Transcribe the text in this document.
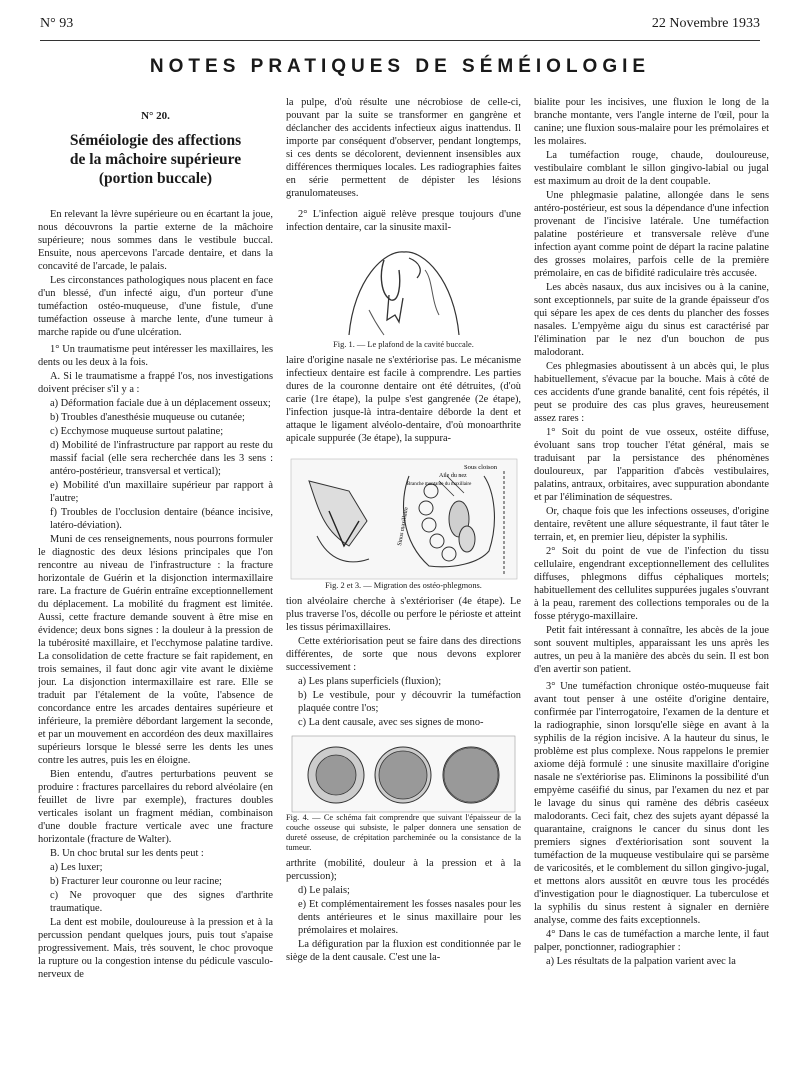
N° 93	22 Novembre 1933
NOTES PRATIQUES DE SÉMÉIOLOGIE
N° 20.
Séméiologie des affections
de la mâchoire supérieure
(portion buccale)

En relevant la lèvre supérieure ou en écartant la joue, nous découvrons la partie externe de la mâchoire supérieure; nous sommes dans le vestibule buccal. Ensuite, nous apercevons l'arcade dentaire, et dans la concavité de l'arcade, le palais.

Les circonstances pathologiques nous placent en face d'un blessé, d'un infecté aigu, d'un porteur d'une tuméfaction ostéo-muqueuse, d'une fistule, d'une tuméfaction osseuse à marche lente, d'une tumeur à marche rapide ou d'une ulcération.

1° Un traumatisme peut intéresser les maxillaires, les dents ou les deux à la fois.

A. Si le traumatisme a frappé l'os, nos investigations doivent préciser s'il y a :

a) Déformation faciale due à un déplacement osseux;

b) Troubles d'anesthésie muqueuse ou cutanée;

c) Ecchymose muqueuse surtout palatine;

d) Mobilité de l'infrastructure par rapport au reste du massif facial (elle sera recherchée dans les 3 sens : antéro-postérieur, transversal et vertical);

e) Mobilité d'un maxillaire supérieur par rapport à l'autre;

f) Troubles de l'occlusion dentaire (béance incisive, latéro-déviation).

Muni de ces renseignements, nous pourrons formuler le diagnostic des deux lésions principales que l'on rencontre au niveau de l'infrastructure : la fracture horizontale de Guérin et la disjonction intermaxillaire rare. La fracture de Guérin entraîne exceptionnellement du déplacement. La mobilité du fragment est limitée. Aussi, cette fracture demande souvent à être mise en évidence; deux bons signes : la douleur à la pression de la tubérosité maxillaire, et l'ecchymose palatine tardive. La consolidation de cette fracture se fait rapidement, en trois semaines, il faut donc agir vite avant le dixième jour. La disjonction intermaxillaire est rare. Elle se traduit par l'étalement de la voûte, l'absence de concordance entre les arcades dentaires supérieure et inférieure, la première débordant largement la seconde, et par un mouvement en accordéon des deux maxillaires supérieurs lorsque le blessé serre les dents les unes contre les autres, puis les en éloigne.

Bien entendu, d'autres perturbations peuvent se produire : fractures parcellaires du rebord alvéolaire (en feuillet de livre par exemple), fractures doubles verticales isolant un fragment médian, combinaison d'une double fracture verticale avec une fracture horizontale (fracture de Walter).

B. Un choc brutal sur les dents peut :

a) Les luxer;

b) Fracturer leur couronne ou leur racine;

c) Ne provoquer que des signes d'arthrite traumatique.

La dent est mobile, douloureuse à la pression et à la percussion pendant quelques jours, puis tout s'apaise progressivement. Mais, très souvent, le choc provoque la rupture ou la congestion intense du pédicule vasculo-nerveux de

la pulpe, d'où résulte une nécrobiose de celle-ci, pouvant par la suite se transformer en gangrène et déclancher des accidents infectieux aigus inattendus. Il importe par conséquent d'observer, pendant longtemps, si ces dents se décolorent, deviennent insensibles aux différences thermiques locales. Les radiographies faites en série permettent de dépister les lésions granulomateuses.

2° L'infection aiguë relève presque toujours d'une infection dentaire, car la sinusite maxil-

Fig. 1. — Le plafond de la cavité buccale.

laire d'origine nasale ne s'extériorise pas. Le mécanisme infectieux dentaire est facile à comprendre. Les parties dures de la couronne dentaire ont été détruites, (d'où carie (1re étape), la pulpe s'est gangrenée (2e étape), l'infection jusque-là intra-dentaire déborde la dent et attaque le ligament alvéolo-dentaire, d'où monoarthrite apicale suppurée (3e étape), la suppura-

Sous cloison
Aile du nez
Branche montante du maxillaire
Sinus maxillaire

Fig. 2 et 3. — Migration des ostéo-phlegmons.

tion alvéolaire cherche à s'extérioriser (4e étape). Le plus traverse l'os, décolle ou perfore le périoste et atteint les tissus périmaxillaires.

Cette extériorisation peut se faire dans des directions différentes, de sorte que nous devons explorer successivement :

a) Les plans superficiels (fluxion);

b) Le vestibule, pour y découvrir la tuméfaction plaquée contre l'os;

c) La dent causale, avec ses signes de mono-

Fig. 4. — Ce schéma fait comprendre que suivant l'épaisseur de la couche osseuse qui subsiste, le palper donnera une sensation de dureté osseuse, de crépitation parcheminée ou la consistance de la tumeur.

arthrite (mobilité, douleur à la pression et à la percussion);

d) Le palais;

e) Et complémentairement les fosses nasales pour les dents antérieures et le sinus maxillaire pour les prémolaires et molaires.

La défiguration par la fluxion est conditionnée par le siège de la dent causale. C'est une la-

bialite pour les incisives, une fluxion le long de la branche montante, vers l'angle interne de l'œil, pour la canine; une fluxion sous-malaire pour les prémolaires et les molaires.

La tuméfaction rouge, chaude, douloureuse, vestibulaire comblant le sillon gingivo-labial ou jugal est maximum au droit de la dent coupable.

Une phlegmasie palatine, allongée dans le sens antéro-postérieur, est sous la dépendance d'une infection provenant de l'incisive latérale. Une tuméfaction palatine postérieure et transversale relève d'une infection ayant comme point de départ la racine palatine des grosses molaires, parfois celle de la première prémolaire, en cas de bifidité radiculaire très accusée.

Les abcès nasaux, dus aux incisives ou à la canine, sont exceptionnels, par suite de la grande épaisseur d'os qui sépare les apex de ces dents du plancher des fosses nasales. L'empyème aigu du sinus est caractérisé par l'élimination par le nez d'un bouchon de pus malodorant.

Ces phlegmasies aboutissent à un abcès qui, le plus habituellement, s'évacue par la bouche. Mais à côté de ces accidents d'une grande banalité, cent fois répétés, il peut se produire des cas plus graves, heureusement assez rares :

1° Soit du point de vue osseux, ostéite diffuse, évoluant sans trop toucher l'état général, mais se traduisant par la persistance des phénomènes douloureux, par l'apparition d'abcès vestibulaires, palatins, antraux, orbitaires, avec suppuration abondante et par l'élimination de séquestres.

Or, chaque fois que les infections osseuses, d'origine dentaire, revêtent une allure séquestrante, il faut tâter le terrain, et, en premier lieu, dépister la syphilis.

2° Soit du point de vue de l'infection du tissu cellulaire, engendrant exceptionnellement des cellulites diffuses, phlegmons diffus céphaliques mortels; habituellement des cellulites suppurées jugales s'ouvrant à la peau, rarement des collections temporales ou de la fosse ptérygo-maxillaire.

Petit fait intéressant à connaître, les abcès de la joue sont souvent multiples, apparaissant les uns après les autres, un peu à la manière des abcès du sein. Il est bon d'en avertir son patient.

3° Une tuméfaction chronique ostéo-muqueuse fait avant tout penser à une ostéite d'origine dentaire, confirmée par l'interrogatoire, l'examen de la denture et la radiographie, sinon lorsqu'elle siège en avant à la syphilis de la région incisive. A la hauteur du sinus, le problème est plus complexe. Nous rappelons le premier axiome déjà formulé : une sinusite maxillaire d'origine nasale ne s'extériorise pas. Eliminons la possibilité d'un empyème caséifié du sinus, par l'examen du nez et par le lavage du sinus qui ramène des débris caséeux malodorants. Ceci fait, chez des sujets ayant dépassé la quarantaine, craignons le cancer du sinus dont les premiers signes d'extériorisation sont souvent la tuméfaction de la muqueuse vestibulaire qui se parsème de varicosités, et le comblement du sillon gingivo-jugal, et mettons alors aussitôt en œuvre tous les procédés d'investigation pour le diagnostiquer. La tuberculose et la syphilis du sinus restent à signaler en dernière analyse, comme des faits exceptionnels.

4° Dans le cas de tuméfaction a marche lente, il faut palper, ponctionner, radiographier :

a) Les résultats de la palpation varient avec la
